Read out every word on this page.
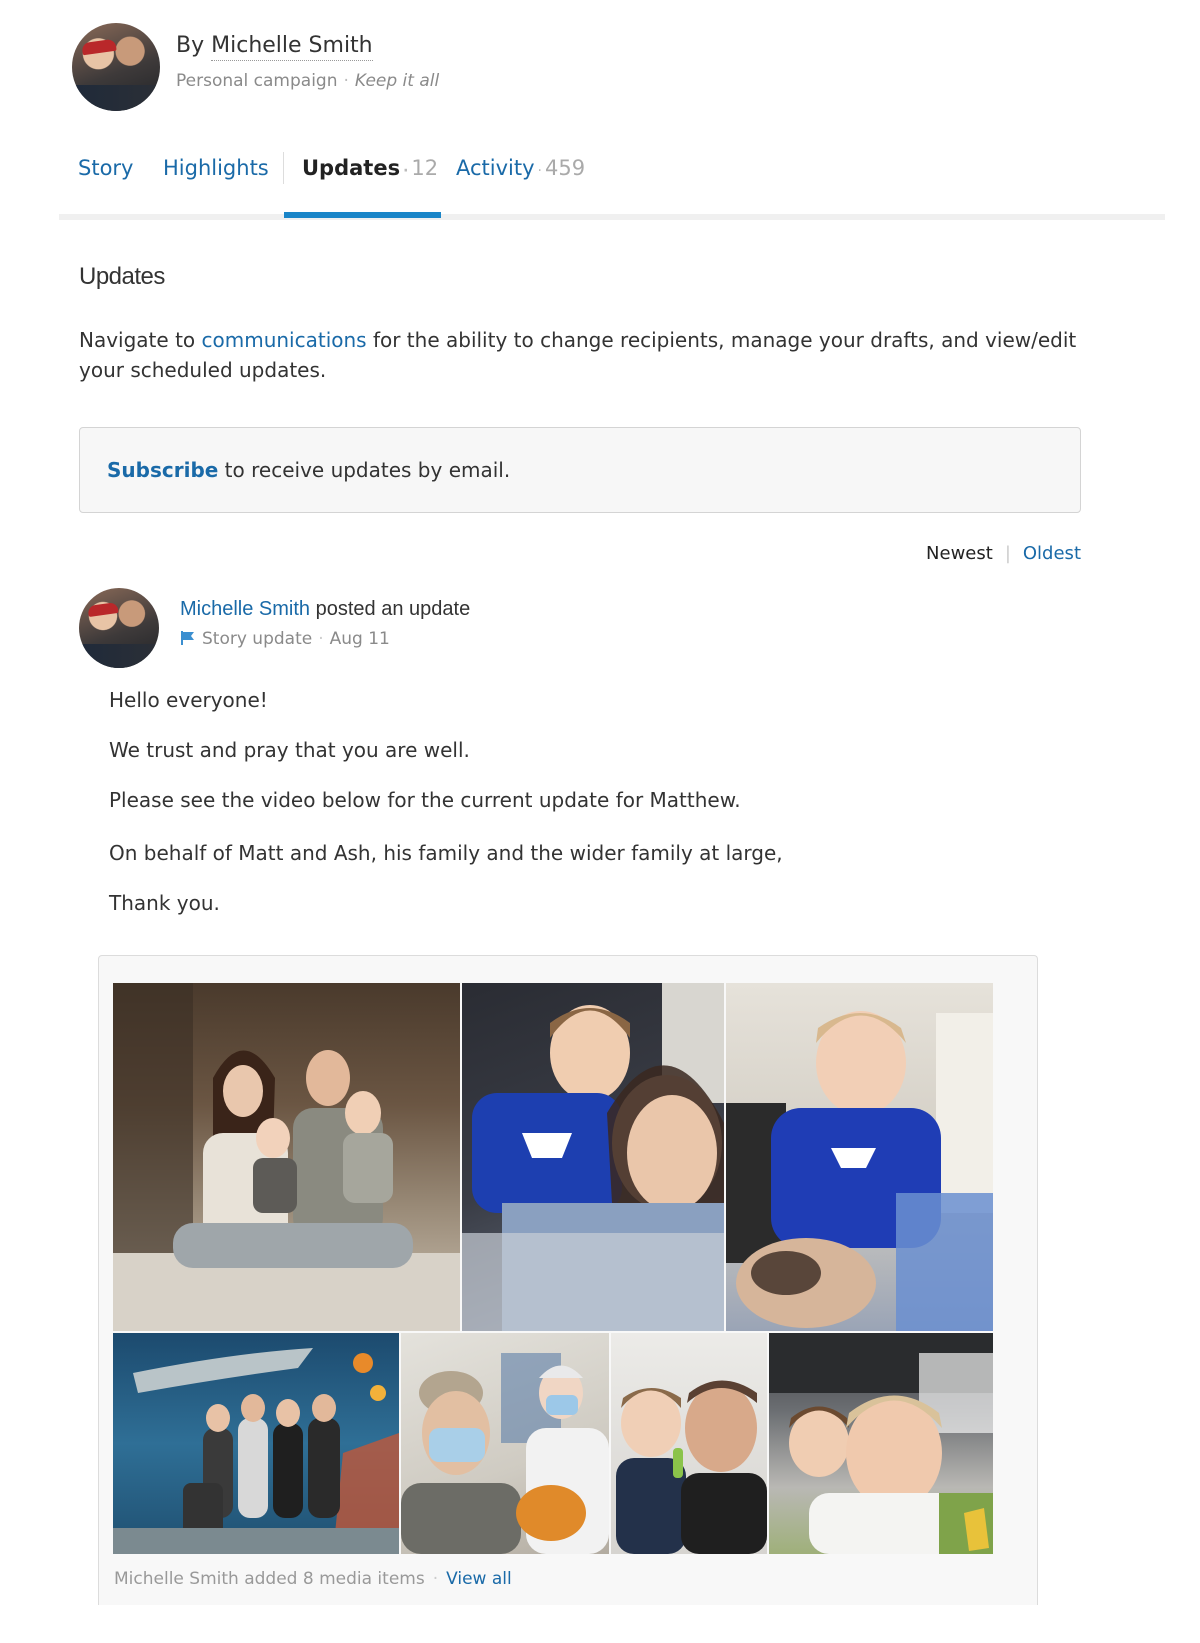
By Michelle Smith
Personal campaign · Keep it all
Story Highlights Updates · 12 Activity · 459
Updates
Navigate to communications for the ability to change recipients, manage your drafts, and view/edit your scheduled updates.
Subscribe to receive updates by email.
Newest | Oldest
Michelle Smith posted an update
Story update · Aug 11
Hello everyone!
We trust and pray that you are well.
Please see the video below for the current update for Matthew.
On behalf of Matt and Ash, his family and the wider family at large,
Thank you.
Michelle Smith added 8 media items · View all
